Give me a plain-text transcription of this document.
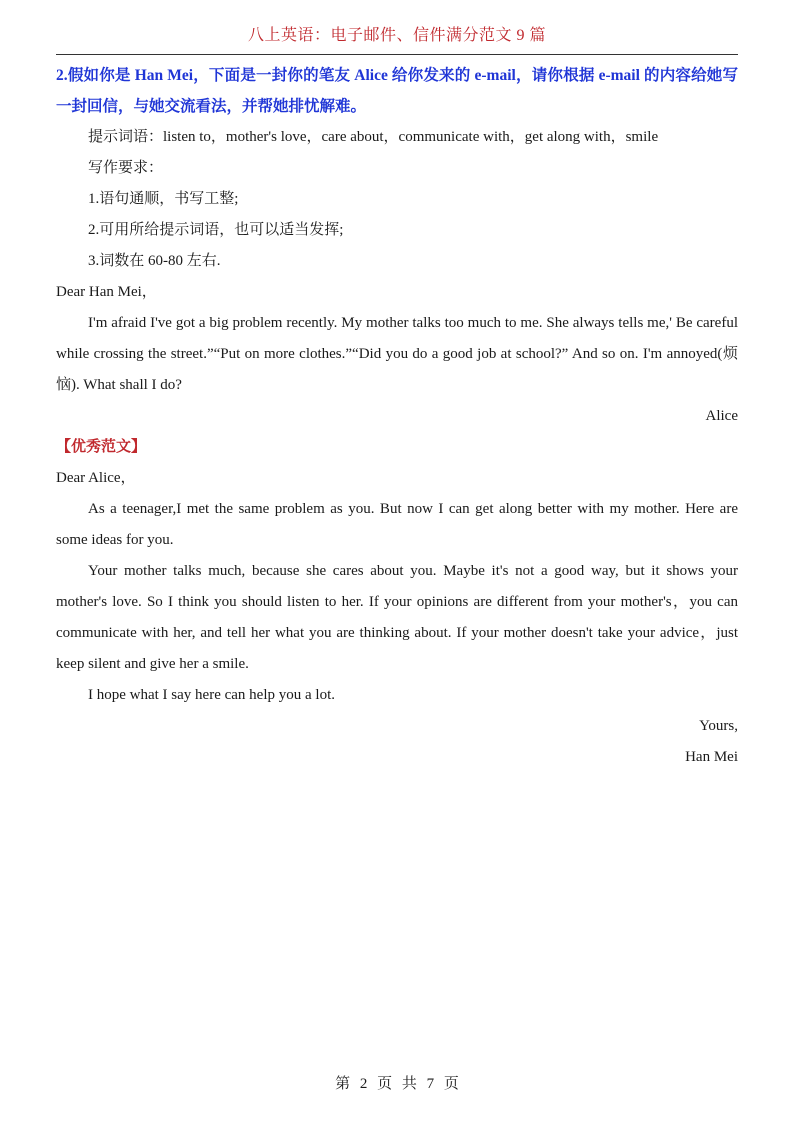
八上英语：电子邮件、信件满分范文 9 篇

2.假如你是 Han Mei，下面是一封你的笔友 Alice 给你发来的 e-mail，请你根据 e-mail 的内容给她写一封回信，与她交流看法，并帮她排忧解难。

提示词语：listen to，mother's love，care about，communicate with，get along with，smile

写作要求：

1.语句通顺，书写工整;

2.可用所给提示词语，也可以适当发挥;

3.词数在 60-80 左右.

Dear Han Mei，

I'm afraid I've got a big problem recently. My mother talks too much to me. She always tells me,' Be careful while crossing the street.”“Put on more clothes.”“Did you do a good job at school?” And so on. I'm annoyed(烦恼). What shall I do?

Alice

【优秀范文】

Dear Alice，

As a teenager,I met the same problem as you. But now I can get along better with my mother. Here are some ideas for you.

Your mother talks much, because she cares about you. Maybe it's not a good way, but it shows your mother's love. So I think you should listen to her. If your opinions are different from your mother's，you can communicate with her, and tell her what you are thinking about. If your mother doesn't take your advice，just keep silent and give her a smile.

I hope what I say here can help you a lot.

Yours,

Han Mei

第 2 页 共 7 页
